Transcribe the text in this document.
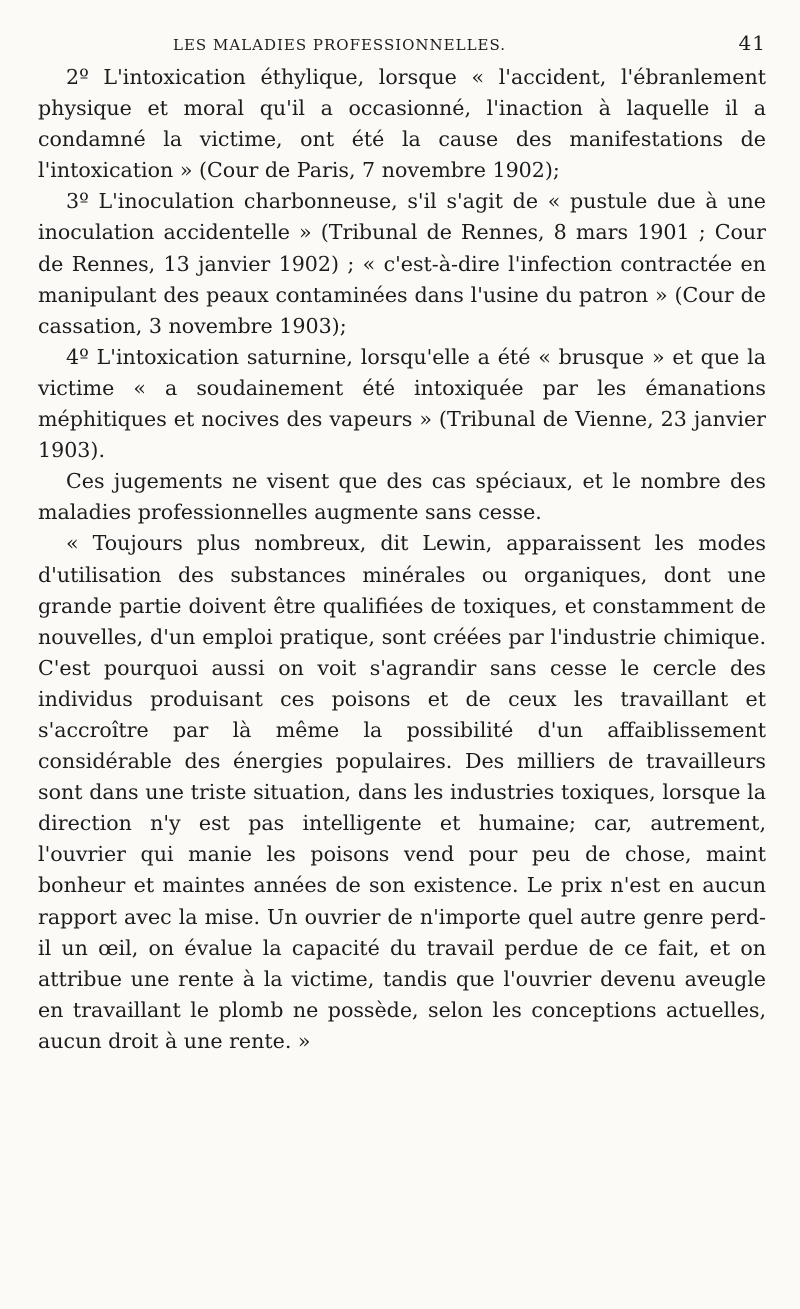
LES MALADIES PROFESSIONNELLES.	41

2º L'intoxication éthylique, lorsque « l'accident, l'ébranlement physique et moral qu'il a occasionné, l'inaction à laquelle il a condamné la victime, ont été la cause des manifestations de l'intoxication » (Cour de Paris, 7 novembre 1902);

3º L'inoculation charbonneuse, s'il s'agit de « pustule due à une inoculation accidentelle » (Tribunal de Rennes, 8 mars 1901 ; Cour de Rennes, 13 janvier 1902) ; « c'est-à-dire l'infection contractée en manipulant des peaux contaminées dans l'usine du patron » (Cour de cassation, 3 novembre 1903);

4º L'intoxication saturnine, lorsqu'elle a été « brusque » et que la victime « a soudainement été intoxiquée par les émanations méphitiques et nocives des vapeurs » (Tribunal de Vienne, 23 janvier 1903).

Ces jugements ne visent que des cas spéciaux, et le nombre des maladies professionnelles augmente sans cesse.

« Toujours plus nombreux, dit Lewin, apparaissent les modes d'utilisation des substances minérales ou organiques, dont une grande partie doivent être qualifiées de toxiques, et constamment de nouvelles, d'un emploi pratique, sont créées par l'industrie chimique. C'est pourquoi aussi on voit s'agrandir sans cesse le cercle des individus produisant ces poisons et de ceux les travaillant et s'accroître par là même la possibilité d'un affaiblissement considérable des énergies populaires. Des milliers de travailleurs sont dans une triste situation, dans les industries toxiques, lorsque la direction n'y est pas intelligente et humaine; car, autrement, l'ouvrier qui manie les poisons vend pour peu de chose, maint bonheur et maintes années de son existence. Le prix n'est en aucun rapport avec la mise. Un ouvrier de n'importe quel autre genre perd-il un œil, on évalue la capacité du travail perdue de ce fait, et on attribue une rente à la victime, tandis que l'ouvrier devenu aveugle en travaillant le plomb ne possède, selon les conceptions actuelles, aucun droit à une rente. »
